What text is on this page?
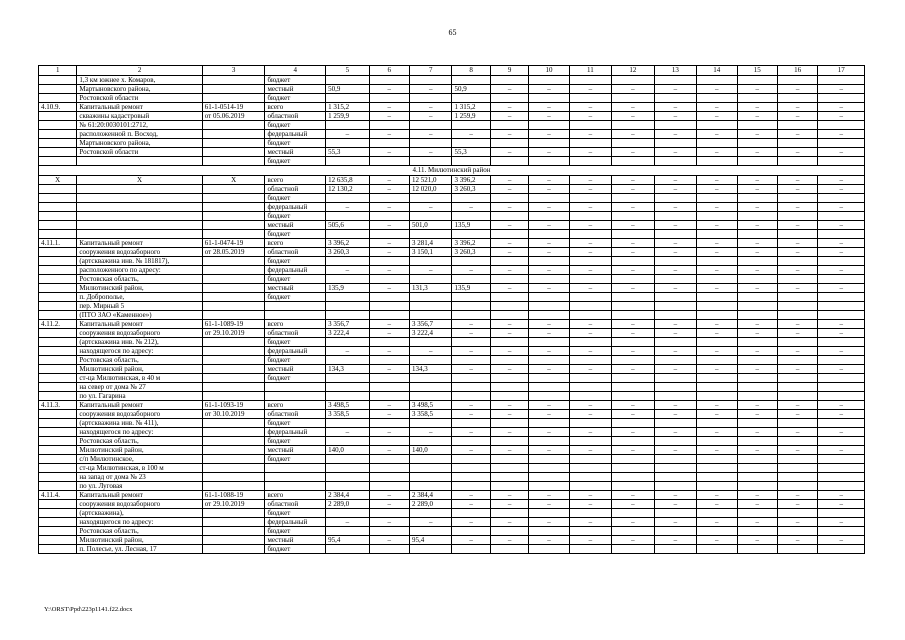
65
1	2	3	4	5	6	7	8	9	10	11	12	13	14	15	16	17
	1,3 км южнее х. Комаров,		бюджет													
	Мартыновского района,		местный	50,9	–	–	50,9	–	–	–	–	–	–	–	–	–
	Ростовской области		бюджет													
4.10.9.	Капитальный ремонт	61-1-0514-19	всего	1 315,2	–	–	1 315,2	–	–	–	–	–	–	–	–	–
	скважины кадастровый	от 05.06.2019	областной	1 259,9	–	–	1 259,9	–	–	–	–	–	–	–	–	–
	№ 61:20:0030101:2712,		бюджет													
	расположенной п. Восход,		федеральный	–	–	–	–	–	–	–	–	–	–	–	–	–
	Мартыновского района,		бюджет													
	Ростовской области		местный	55,3	–	–	55,3	–	–	–	–	–	–	–	–	–
			бюджет													
4.11. Милютинский район																
Х	Х	Х	всего	12 635,8	–	12 521,0	3 396,2	–	–	–	–	–	–	–	–	–
			областной	12 130,2	–	12 020,0	3 260,3	–	–	–	–	–	–	–	–	–
			бюджет													
			федеральный	–	–	–	–	–	–	–	–	–	–	–	–	–
			бюджет													
			местный	505,6	–	501,0	135,9	–	–	–	–	–	–	–	–	–
			бюджет													
4.11.1.	Капитальный ремонт	61-1-0474-19	всего	3 396,2	–	3 281,4	3 396,2	–	–	–	–	–	–	–	–	–
	сооружения водозаборного	от 28.05.2019	областной	3 260,3	–	3 150,1	3 260,3	–	–	–	–	–	–	–	–	–
	(артскважина инв. № 181817),		бюджет													
	расположенного по адресу:		федеральный	–	–	–	–	–	–	–	–	–	–	–	–	–
	Ростовская область,		бюджет													
	Милютинский район,		местный	135,9	–	131,3	135,9	–	–	–	–	–	–	–	–	–
	п. Доброполье,		бюджет													
	пер. Мирный 5															
	(ПТО ЗАО «Каменное»)															
4.11.2.	Капитальный ремонт	61-1-1089-19	всего	3 356,7	–	3 356,7	–	–	–	–	–	–	–	–	–	–
	сооружения водозаборного	от 29.10.2019	областной	3 222,4	–	3 222,4	–	–	–	–	–	–	–	–	–	–
	(артскважина инв. № 212),		бюджет													
	находящегося по адресу:		федеральный	–	–	–	–	–	–	–	–	–	–	–	–	–
	Ростовская область,		бюджет													
	Милютинский район,		местный	134,3	–	134,3	–	–	–	–	–	–	–	–	–	–
	ст-ца Милютинская, в 40 м		бюджет													
	на север от дома № 27															
	по ул. Гагарина															
4.11.3.	Капитальный ремонт	61-1-1093-19	всего	3 498,5	–	3 498,5	–	–	–	–	–	–	–	–	–	–
	сооружения водозаборного	от 30.10.2019	областной	3 358,5	–	3 358,5	–	–	–	–	–	–	–	–	–	–
	(артскважина инв. № 411),		бюджет													
	находящегося по адресу:		федеральный	–	–	–	–	–	–	–	–	–	–	–	–	–
	Ростовская область,		бюджет													
	Милютинский район,		местный	140,0	–	140,0	–	–	–	–	–	–	–	–	–	–
	с/п Милютинское,		бюджет													
	ст-ца Милютинская, в 100 м															
	на запад от дома № 23															
	по ул. Луговая															
4.11.4.	Капитальный ремонт	61-1-1088-19	всего	2 384,4	–	2 384,4	–	–	–	–	–	–	–	–	–	–
	сооружения водозаборного	от 29.10.2019	областной	2 289,0	–	2 289,0	–	–	–	–	–	–	–	–	–	–
	(артскважина),		бюджет													
	находящегося по адресу:		федеральный	–	–	–	–	–	–	–	–	–	–	–	–	–
	Ростовская область,		бюджет													
	Милютинский район,		местный	95,4	–	95,4	–	–	–	–	–	–	–	–	–	–
	п. Полесье, ул. Лесная, 17		бюджет													
Y:\ORST\Ppd\223p1141.f22.docx
